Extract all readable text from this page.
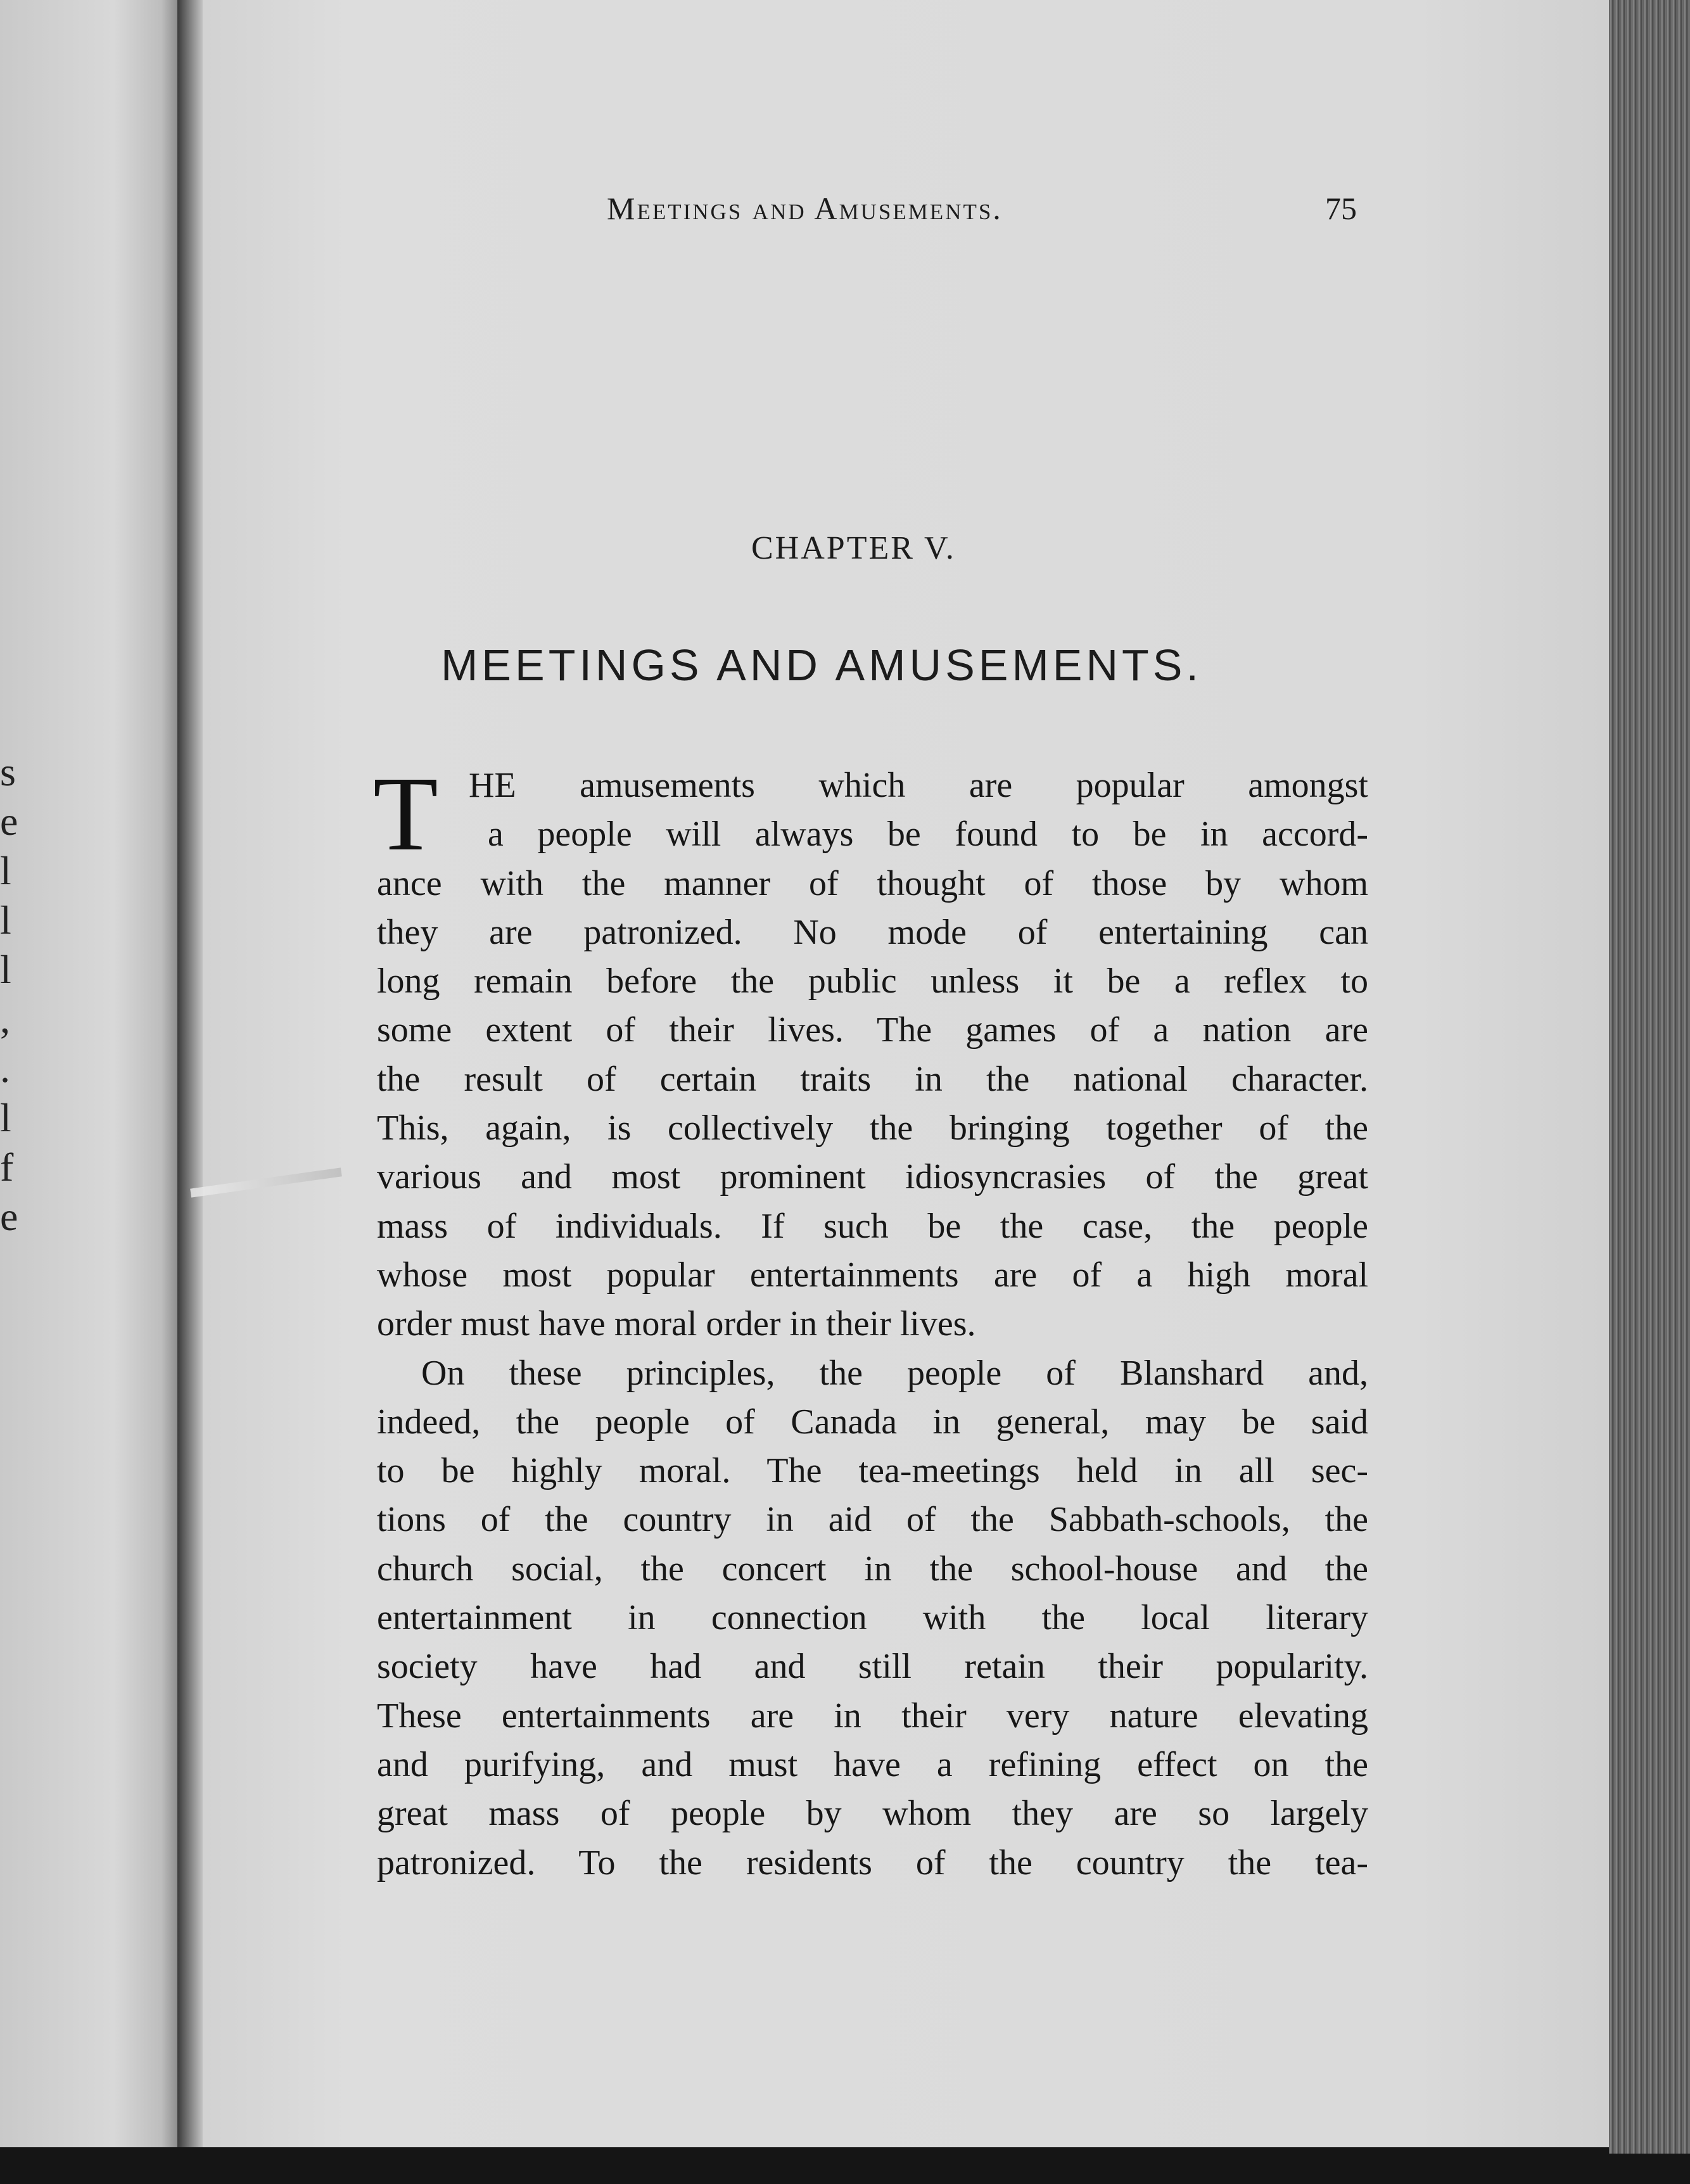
s
e
l
l
l
,
.
l
f
e
Meetings and Amusements.	75
CHAPTER V.
MEETINGS AND AMUSEMENTS.
T HE amusements which are popular amongst
a people will always be found to be in accord-
ance with the manner of thought of those by whom
they are patronized. No mode of entertaining can
long remain before the public unless it be a reflex to
some extent of their lives. The games of a nation are
the result of certain traits in the national character.
This, again, is collectively the bringing together of the
various and most prominent idiosyncrasies of the great
mass of individuals. If such be the case, the people
whose most popular entertainments are of a high moral
order must have moral order in their lives.
On these principles, the people of Blanshard and,
indeed, the people of Canada in general, may be said
to be highly moral. The tea-meetings held in all sec-
tions of the country in aid of the Sabbath-schools, the
church social, the concert in the school-house and the
entertainment in connection with the local literary
society have had and still retain their popularity.
These entertainments are in their very nature elevating
and purifying, and must have a refining effect on the
great mass of people by whom they are so largely
patronized. To the residents of the country the tea-
